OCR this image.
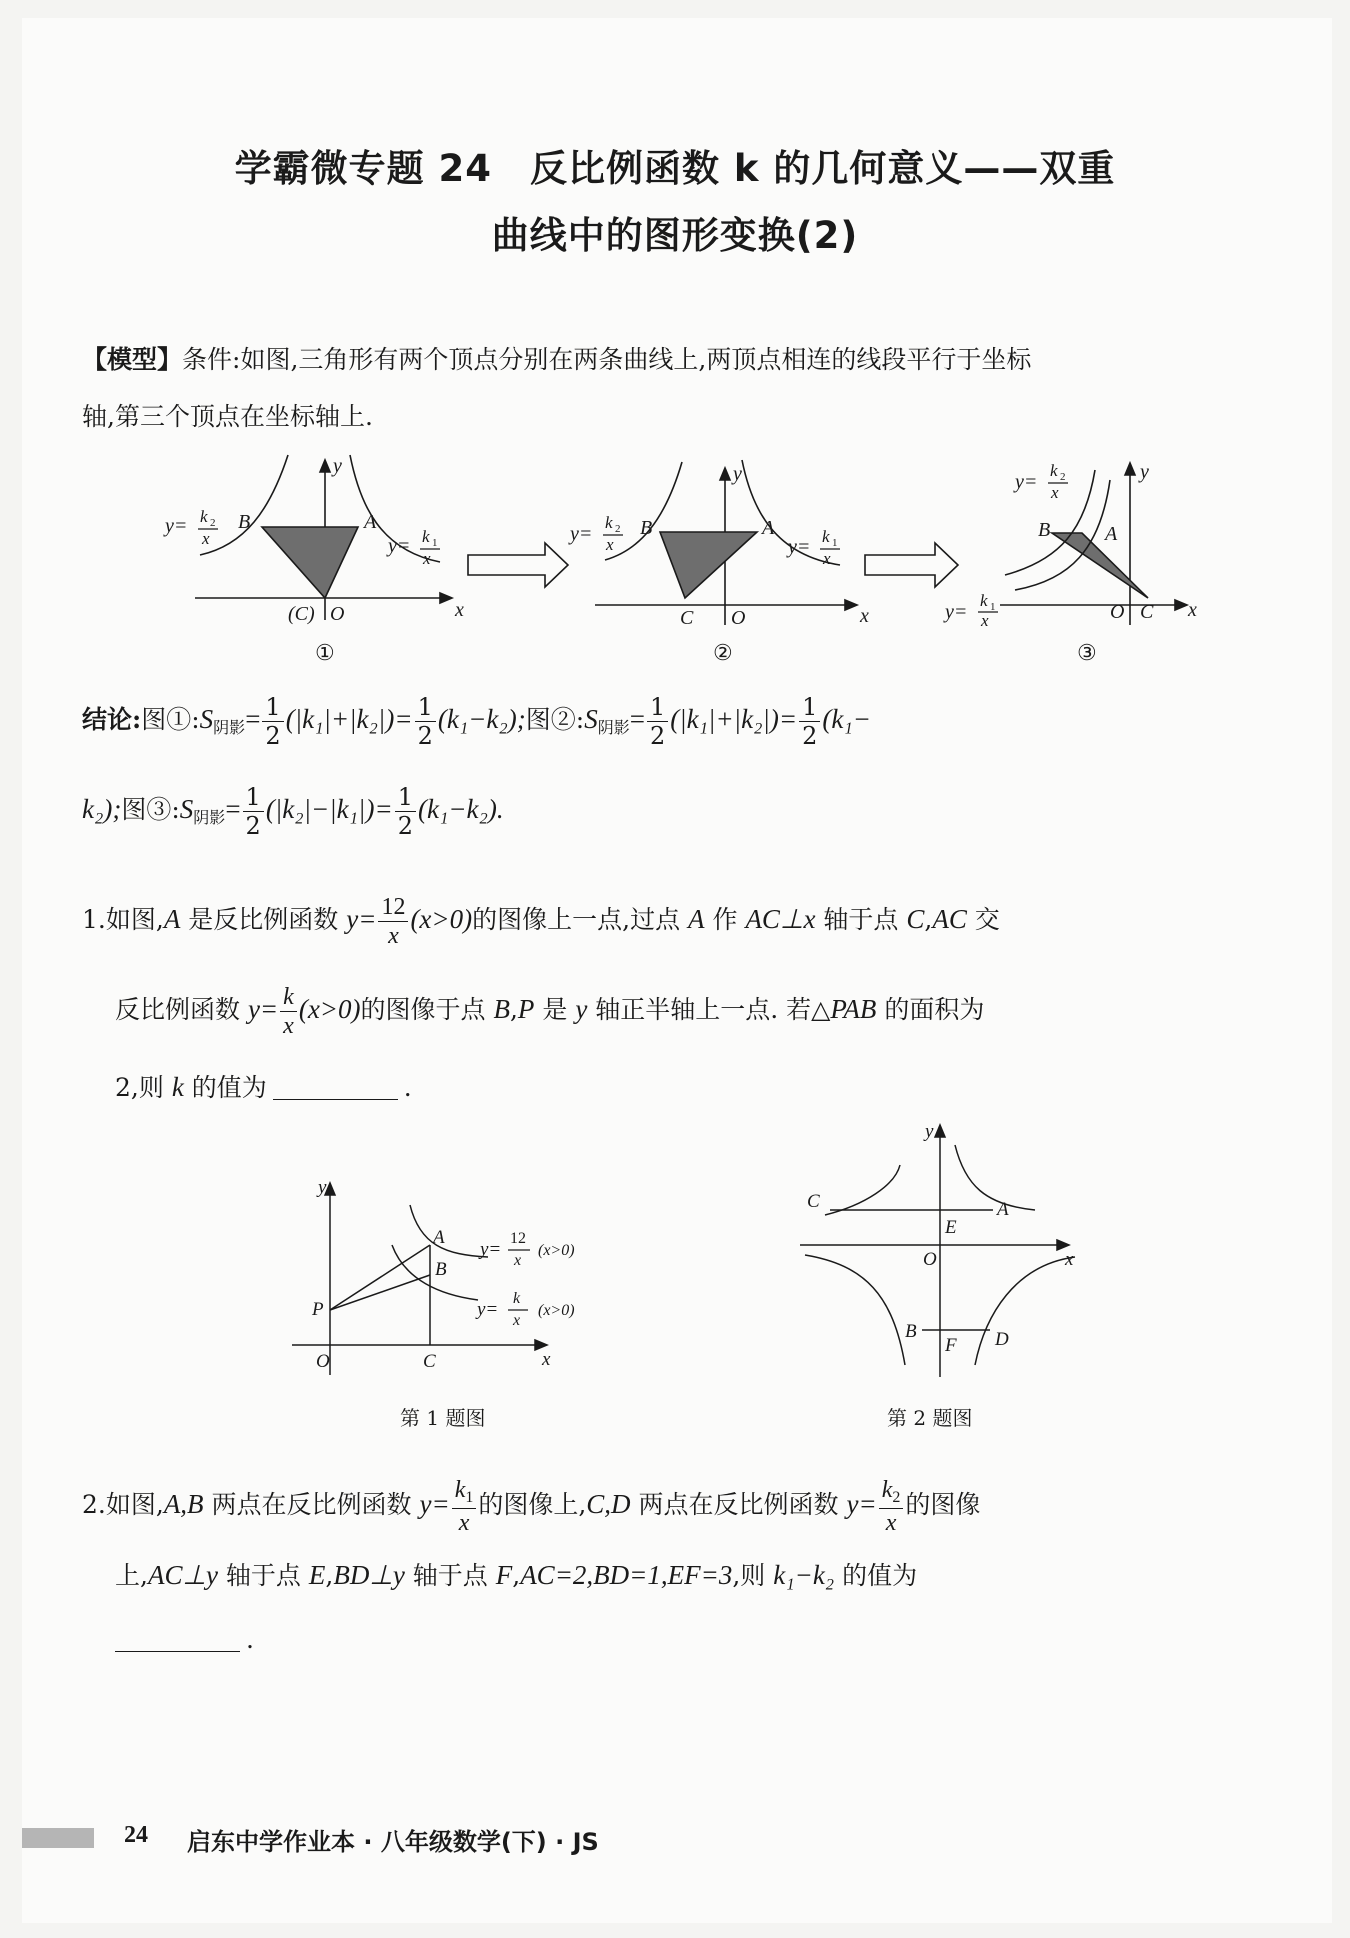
学霸微专题 24　反比例函数 k 的几何意义——双重
曲线中的图形变换(2)
【模型】条件:如图,三角形有两个顶点分别在两条曲线上,两顶点相连的线段平行于坐标
轴,第三个顶点在坐标轴上.
y
x
B	A
(C) O
y= k 2
x	y= k 1
x
y
x
B	A
C O
y=
k 2
x	y= k 1
x
y
x
B	A
O C
y=
k 2
x
y=
k 1
x
①	②	③
结论:图$①:S_{阴影}= \frac{1}{2} (|k_1|+|k_2|)= \frac{1}{2} (k_1-k_2)$;图$②:S_{阴影}= \frac{1}{2} (|k_1|+|k_2|)= \frac{1}{2} (k_1-$
k₂);图$③:S_{阴影}= \frac{1}{2} (|k_2|-|k_1|)= \frac{1}{2} (k_1-k_2)$.
1.如图,A 是反比例函数 $y= \frac{12}{x} (x>0)$的图像上一点,过点 A 作 AC⊥x 轴于点 C,AC 交
反比例函数 $y= \frac{k}{x} (x>0)$的图像于点 B,P 是 y 轴正半轴上一点. 若△PAB 的面积为
2,则 k 的值为	.
y
x
O	C
P
A
B
y=
12
x
(x>0)
y=
k
x
(x>0)
第 1 题图
y
x
O
A
C
E
B
F D
第 2 题图
2.如图,A,B 两点在反比例函数 $y= \frac{k_1}{x}$ 的图像上,C,D 两点在反比例函数 $y= \frac{k_2}{x}$ 的图像
上,AC⊥y 轴于点 E,BD⊥y 轴于点 F,AC=2,BD=1,EF=3,则 k₁−k₂ 的值为
.
24 启东中学作业本 · 八年级数学(下) · JS
